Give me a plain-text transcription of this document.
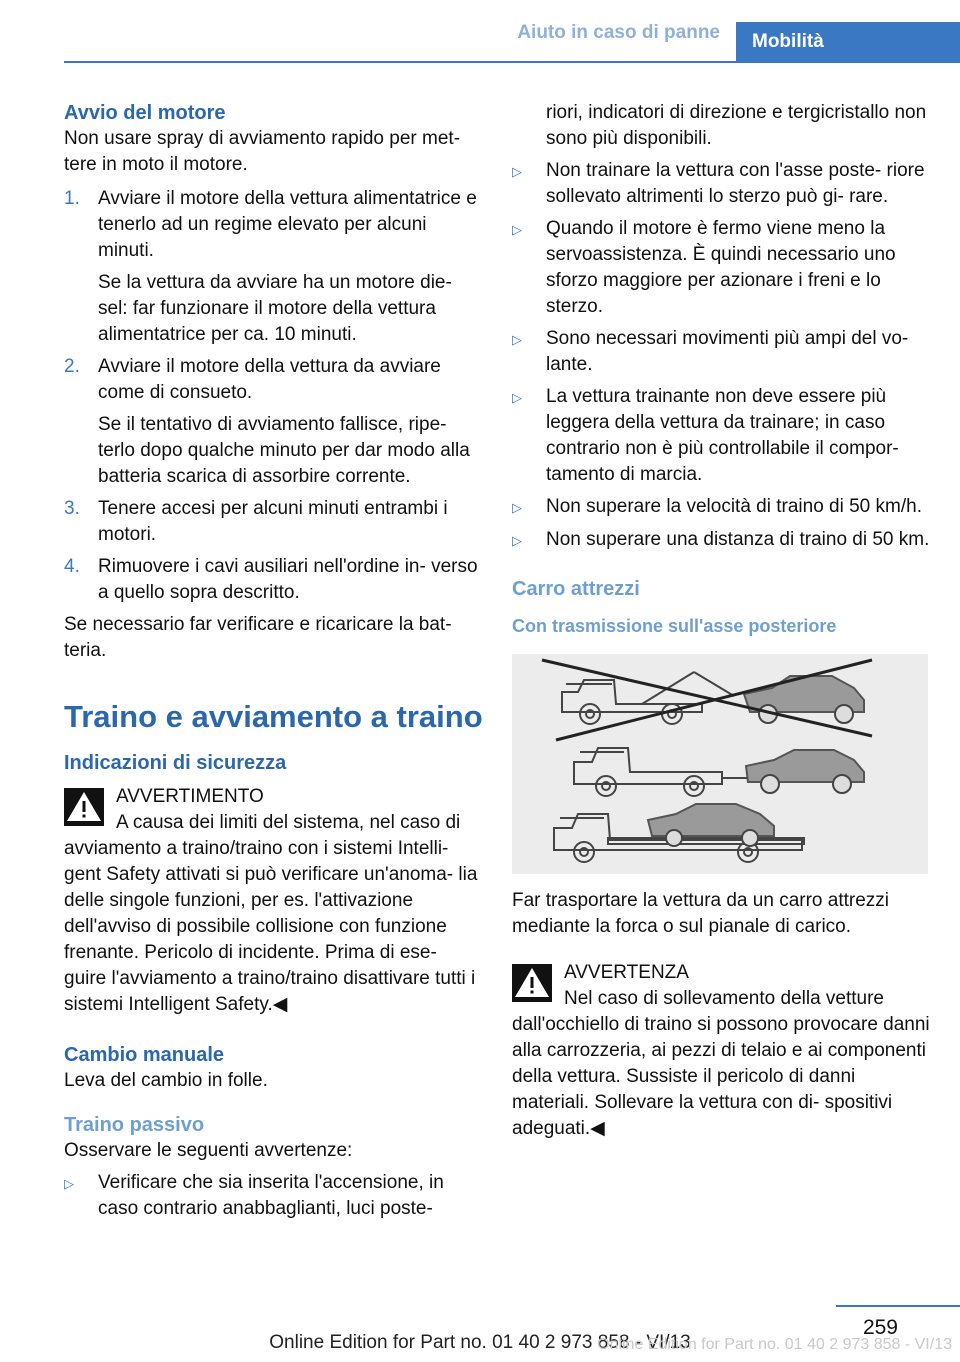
Aiuto in caso di panne	Mobilità
Avvio del motore

Non usare spray di avviamento rapido per met- tere in moto il motore.

1. Avviare il motore della vettura alimentatrice e tenerlo ad un regime elevato per alcuni minuti.

Se la vettura da avviare ha un motore die- sel: far funzionare il motore della vettura alimentatrice per ca. 10 minuti.

2. Avviare il motore della vettura da avviare come di consueto.

Se il tentativo di avviamento fallisce, ripe- terlo dopo qualche minuto per dar modo alla batteria scarica di assorbire corrente.

3. Tenere accesi per alcuni minuti entrambi i motori.

4. Rimuovere i cavi ausiliari nell'ordine in- verso a quello sopra descritto.

Se necessario far verificare e ricaricare la bat- teria.

Traino e avviamento a traino
Indicazioni di sicurezza
AVVERTIMENTO
A causa dei limiti del sistema, nel caso di

avviamento a traino/traino con i sistemi Intelli- gent Safety attivati si può verificare un'anoma- lia delle singole funzioni, per es. l'attivazione dell'avviso di possibile collisione con funzione frenante. Pericolo di incidente. Prima di ese- guire l'avviamento a traino/traino disattivare tutti i sistemi Intelligent Safety.◀

Cambio manuale

Leva del cambio in folle.

Traino passivo

Osservare le seguenti avvertenze:

▷	Verificare che sia inserita l'accensione, in caso contrario anabbaglianti, luci poste-
riori, indicatori di direzione e tergicristallo non sono più disponibili.
▷	Non trainare la vettura con l'asse poste- riore sollevato altrimenti lo sterzo può gi- rare.
▷	Quando il motore è fermo viene meno la servoassistenza. È quindi necessario uno sforzo maggiore per azionare i freni e lo sterzo.
▷	Sono necessari movimenti più ampi del vo- lante.
▷	La vettura trainante non deve essere più leggera della vettura da trainare; in caso contrario non è più controllabile il compor- tamento di marcia.
▷	Non superare la velocità di traino di 50 km/h.
▷	Non superare una distanza di traino di 50 km.
Carro attrezzi
Con trasmissione sull'asse posteriore

Far trasportare la vettura da un carro attrezzi mediante la forca o sul pianale di carico.

AVVERTENZA
Nel caso di sollevamento della vetture

dall'occhiello di traino si possono provocare danni alla carrozzeria, ai pezzi di telaio e ai componenti della vettura. Sussiste il pericolo di danni materiali. Sollevare la vettura con di- spositivi adeguati.◀

259
Online Edition for Part no. 01 40 2 973 858 - VI/13
Online Edition for Part no. 01 40 2 973 858 - VI/13
